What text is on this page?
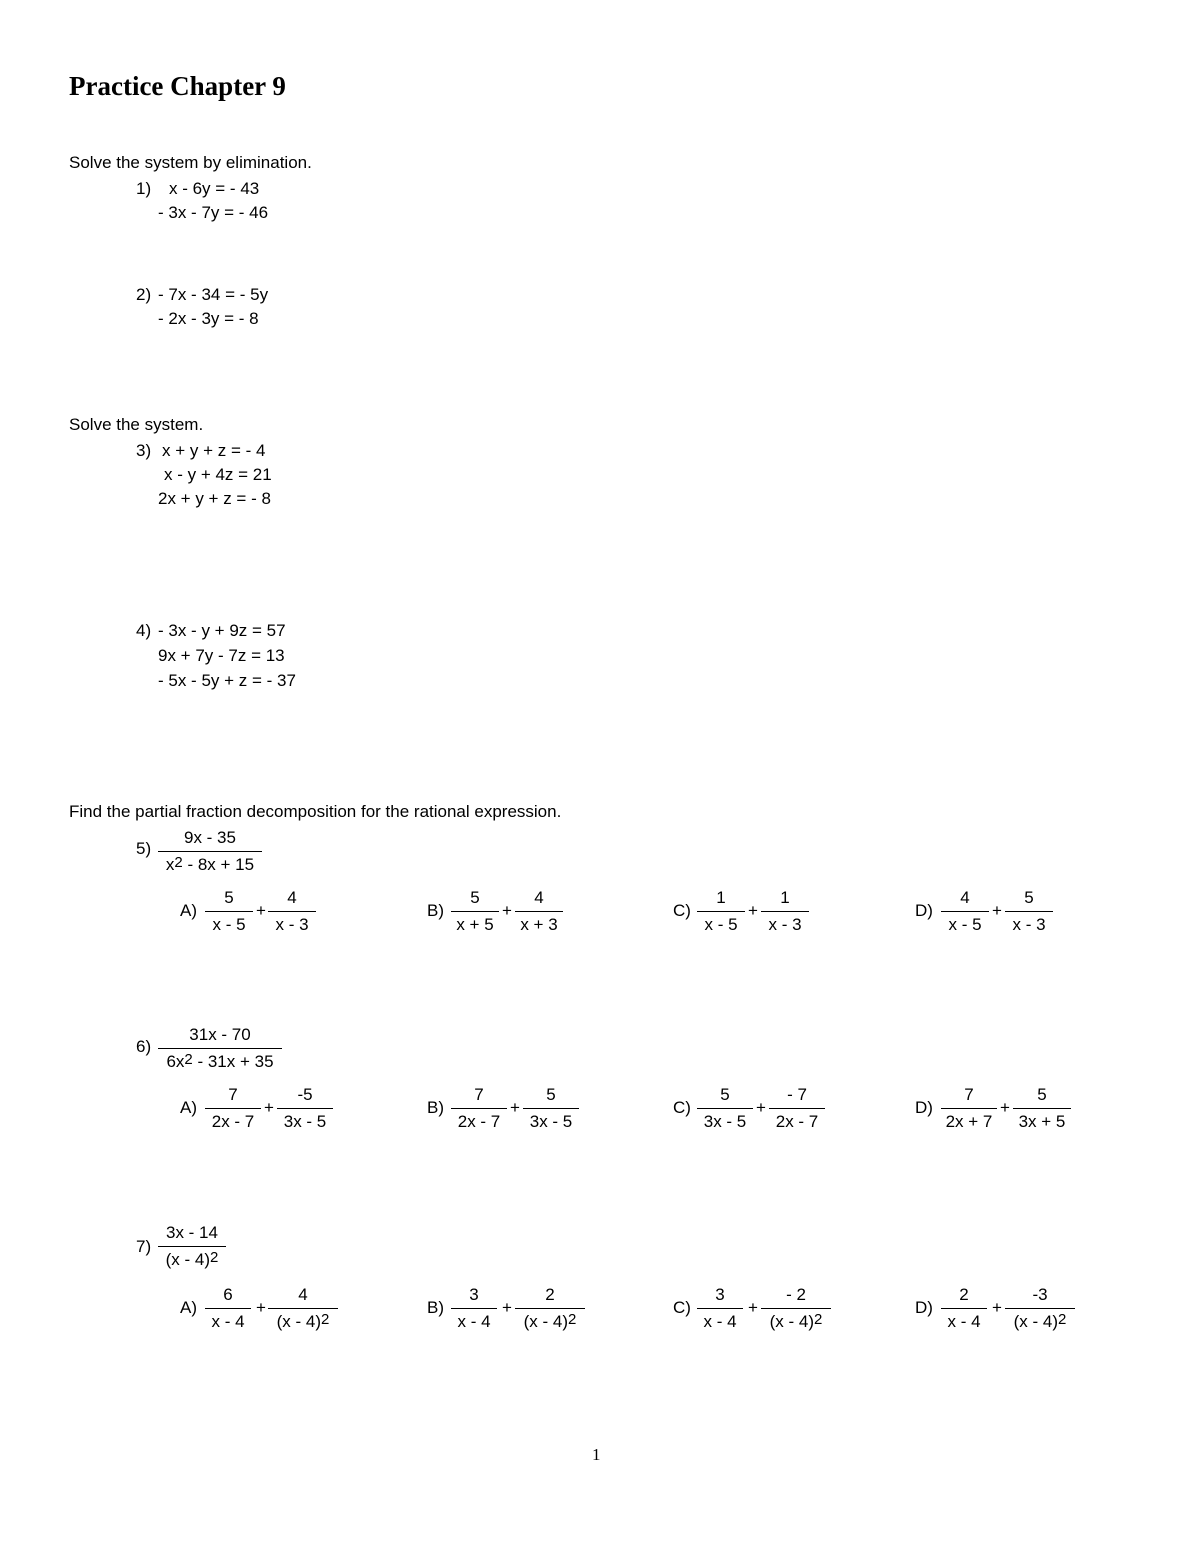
Practice Chapter 9
Solve the system by elimination.
1) x - 6y = - 43
- 3x - 7y = - 46
2) - 7x - 34 = - 5y
- 2x - 3y = - 8
Solve the system.
3) x + y + z = - 4
x - y + 4z = 21
2x + y + z = - 8
4) - 3x - y + 9z = 57
9x + 7y - 7z = 13
- 5x - 5y + z = - 37
Find the partial fraction decomposition for the rational expression.
5)
9x - 35
$x^2 - 8x + 15$
A)
5
x - 5
+
4
x - 3
B)
5
x + 5
+
4
x + 3
C)
1
x - 5
+
1
x - 3
D)
4
x - 5
+
5
x - 3
6)
31x - 70
$6x^2 - 31x + 35$
A)
7
2x - 7
+
-5
3x - 5
B)
7
2x - 7
+
5
3x - 5
C)
5
3x - 5
+
- 7
2x - 7
D)
7
2x + 7
+
5
3x + 5
7)
3x - 14
(x - 4)$^2$
A)
6
x - 4
+
4
(x - 4)$^2$
B)
3
x - 4
+
2
(x - 4)$^2$
C)
3
x - 4
+
- 2
(x - 4)$^2$
D)
2
x - 4
+
-3
(x - 4)$^2$
1
